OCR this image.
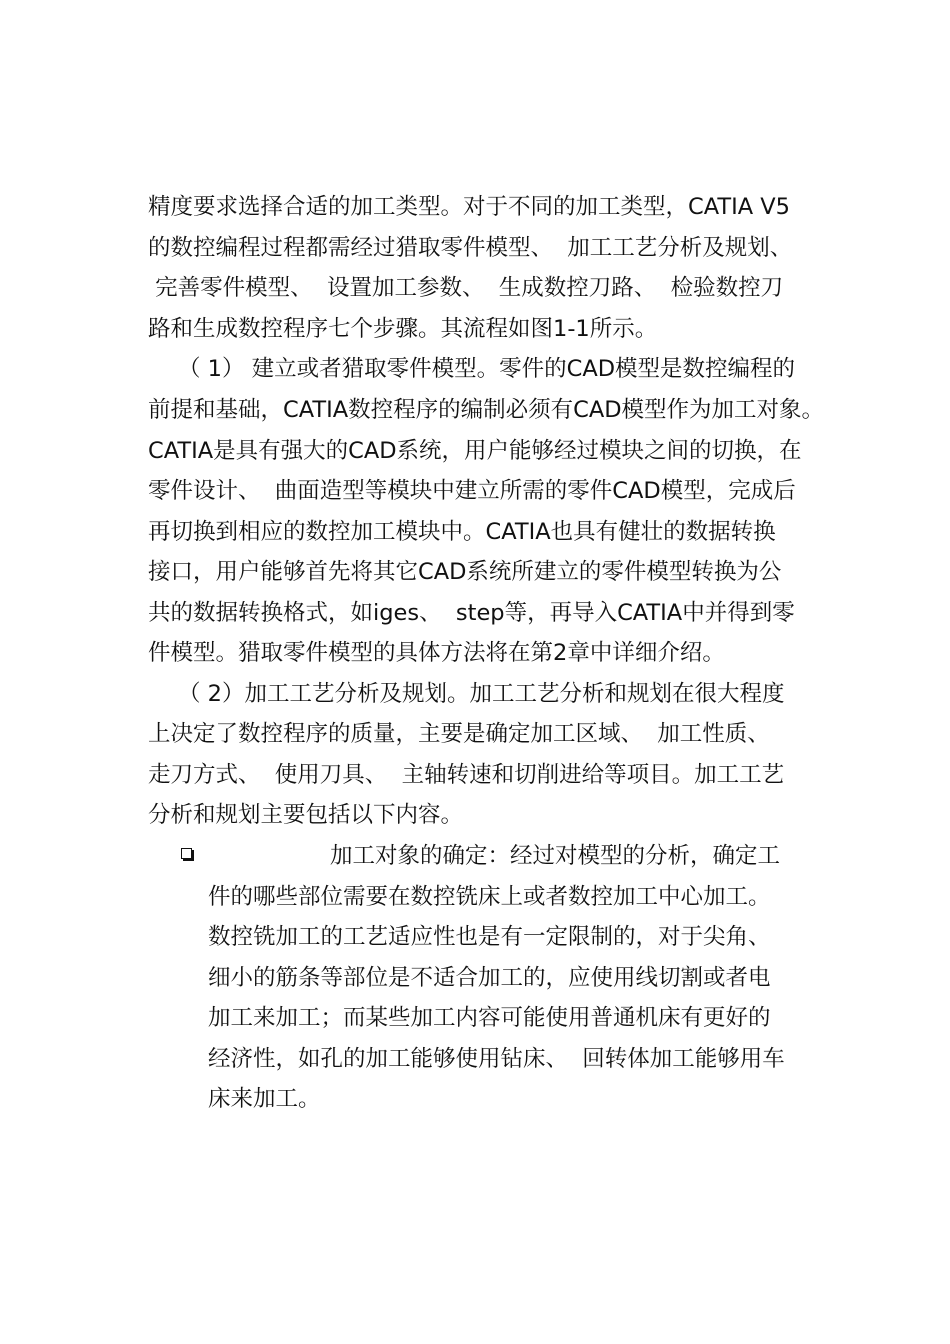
精度要求选择合适的加工类型。对于不同的加工类型，CATIA V5
的数控编程过程都需经过猎取零件模型、  加工工艺分析及规划、
完善零件模型、  设置加工参数、  生成数控刀路、  检验数控刀
路和生成数控程序七个步骤。其流程如图1-1所示。
（ 1） 建立或者猎取零件模型。零件的CAD模型是数控编程的
前提和基础，CATIA数控程序的编制必须有CAD模型作为加工对象。
CATIA是具有强大的CAD系统，用户能够经过模块之间的切换，在
零件设计、  曲面造型等模块中建立所需的零件CAD模型，完成后
再切换到相应的数控加工模块中。CATIA也具有健壮的数据转换
接口，用户能够首先将其它CAD系统所建立的零件模型转换为公
共的数据转换格式，如iges、  step等，再导入CATIA中并得到零
件模型。猎取零件模型的具体方法将在第2章中详细介绍。
（ 2）加工工艺分析及规划。加工工艺分析和规划在很大程度
上决定了数控程序的质量，主要是确定加工区域、  加工性质、
走刀方式、  使用刀具、  主轴转速和切削进给等项目。加工工艺
分析和规划主要包括以下内容。
加工对象的确定：经过对模型的分析，确定工
件的哪些部位需要在数控铣床上或者数控加工中心加工。
数控铣加工的工艺适应性也是有一定限制的，对于尖角、
细小的筋条等部位是不适合加工的，应使用线切割或者电
加工来加工；而某些加工内容可能使用普通机床有更好的
经济性，如孔的加工能够使用钻床、  回转体加工能够用车
床来加工。
